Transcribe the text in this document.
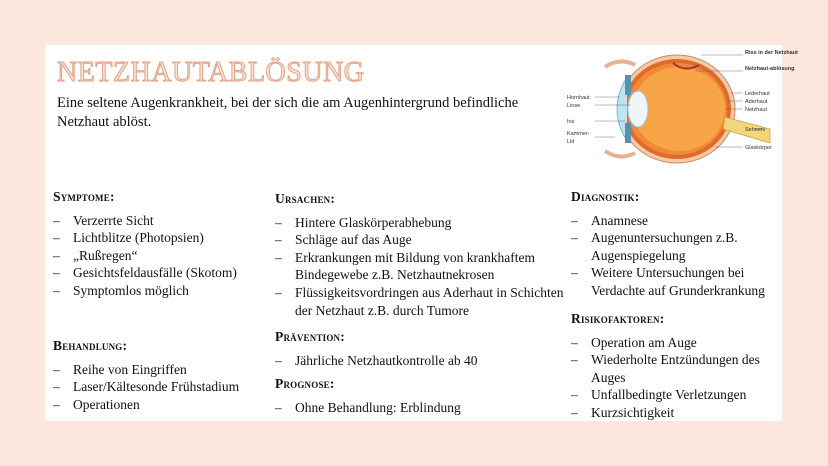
NETZHAUTABLÖSUNG
Eine seltene Augenkrankheit, bei der sich die am Augenhintergrund befindliche Netzhaut ablöst.
Riss in der Netzhaut
Netzhaut-ablösung
Lederhaut
Aderhaut
Netzhaut
Sehnerv
Glaskörper
Hornhaut
Linse
Iris
Kammer-
Lid
Symptome:
– Verzerrte Sicht
– Lichtblitze (Photopsien)
– „Rußregen“
– Gesichtsfeldausfälle (Skotom)
– Symptomlos möglich
Ursachen:
– Hintere Glaskörperabhebung
– Schläge auf das Auge
– Erkrankungen mit Bildung von krankhaftem Bindegewebe z.B. Netzhautnekrosen
– Flüssigkeitsvordringen aus Aderhaut in Schichten der Netzhaut z.B. durch Tumore
Diagnostik:
– Anamnese
– Augenuntersuchungen z.B. Augenspiegelung
– Weitere Untersuchungen bei Verdachte auf Grunderkrankung
Behandlung:
– Reihe von Eingriffen
– Laser/Kältesonde Frühstadium
– Operationen
Prävention:
– Jährliche Netzhautkontrolle ab 40
Prognose:
– Ohne Behandlung: Erblindung
Risikofaktoren:
– Operation am Auge
– Wiederholte Entzündungen des Auges
– Unfallbedingte Verletzungen
– Kurzsichtigkeit
